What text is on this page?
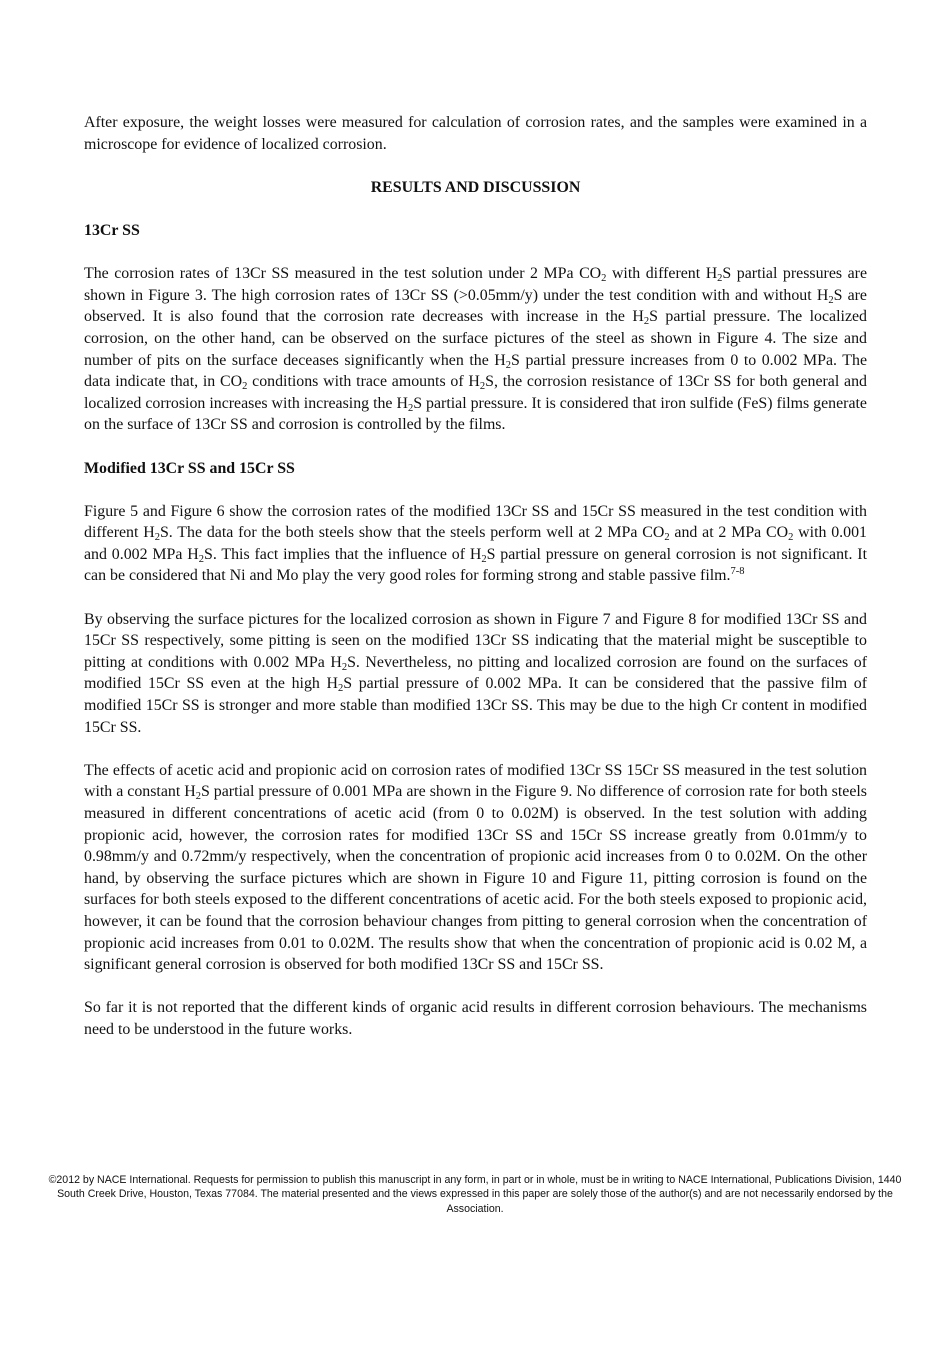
After exposure, the weight losses were measured for calculation of corrosion rates, and the samples were examined in a microscope for evidence of localized corrosion.

RESULTS AND DISCUSSION
13Cr SS

The corrosion rates of 13Cr SS measured in the test solution under 2 MPa $CO_2$ with different $H_2S$ partial pressures are shown in Figure 3. The high corrosion rates of 13Cr SS (>0.05mm/y) under the test condition with and without $H_2S$ are observed. It is also found that the corrosion rate decreases with increase in the $H_2S$ partial pressure. The localized corrosion, on the other hand, can be observed on the surface pictures of the steel as shown in Figure 4. The size and number of pits on the surface deceases significantly when the $H_2S$ partial pressure increases from 0 to 0.002 MPa. The data indicate that, in $CO_2$ conditions with trace amounts of $H_2S$, the corrosion resistance of 13Cr SS for both general and localized corrosion increases with increasing the $H_2S$ partial pressure. It is considered that iron sulfide (FeS) films generate on the surface of 13Cr SS and corrosion is controlled by the films.

Modified 13Cr SS and 15Cr SS

Figure 5 and Figure 6 show the corrosion rates of the modified 13Cr SS and 15Cr SS measured in the test condition with different $H_2S$. The data for the both steels show that the steels perform well at 2 MPa $CO_2$ and at 2 MPa $CO_2$ with 0.001 and 0.002 MPa $H_2S$. This fact implies that the influence of $H_2S$ partial pressure on general corrosion is not significant. It can be considered that Ni and Mo play the very good roles for forming strong and stable passive film.$^{7-8}$

By observing the surface pictures for the localized corrosion as shown in Figure 7 and Figure 8 for modified 13Cr SS and 15Cr SS respectively, some pitting is seen on the modified 13Cr SS indicating that the material might be susceptible to pitting at conditions with 0.002 MPa $H_2S$. Nevertheless, no pitting and localized corrosion are found on the surfaces of modified 15Cr SS even at the high $H_2S$ partial pressure of 0.002 MPa. It can be considered that the passive film of modified 15Cr SS is stronger and more stable than modified 13Cr SS. This may be due to the high Cr content in modified 15Cr SS.

The effects of acetic acid and propionic acid on corrosion rates of modified 13Cr SS 15Cr SS measured in the test solution with a constant $H_2S$ partial pressure of 0.001 MPa are shown in the Figure 9. No difference of corrosion rate for both steels measured in different concentrations of acetic acid (from 0 to 0.02M) is observed. In the test solution with adding propionic acid, however, the corrosion rates for modified 13Cr SS and 15Cr SS increase greatly from 0.01mm/y to 0.98mm/y and 0.72mm/y respectively, when the concentration of propionic acid increases from 0 to 0.02M. On the other hand, by observing the surface pictures which are shown in Figure 10 and Figure 11, pitting corrosion is found on the surfaces for both steels exposed to the different concentrations of acetic acid. For the both steels exposed to propionic acid, however, it can be found that the corrosion behaviour changes from pitting to general corrosion when the concentration of propionic acid increases from 0.01 to 0.02M. The results show that when the concentration of propionic acid is 0.02 M, a significant general corrosion is observed for both modified 13Cr SS and 15Cr SS.

So far it is not reported that the different kinds of organic acid results in different corrosion behaviours. The mechanisms need to be understood in the future works.

©2012 by NACE International. Requests for permission to publish this manuscript in any form, in part or in whole, must be in writing to NACE International, Publications Division, 1440 South Creek Drive, Houston, Texas 77084. The material presented and the views expressed in this paper are solely those of the author(s) and are not necessarily endorsed by the Association.
